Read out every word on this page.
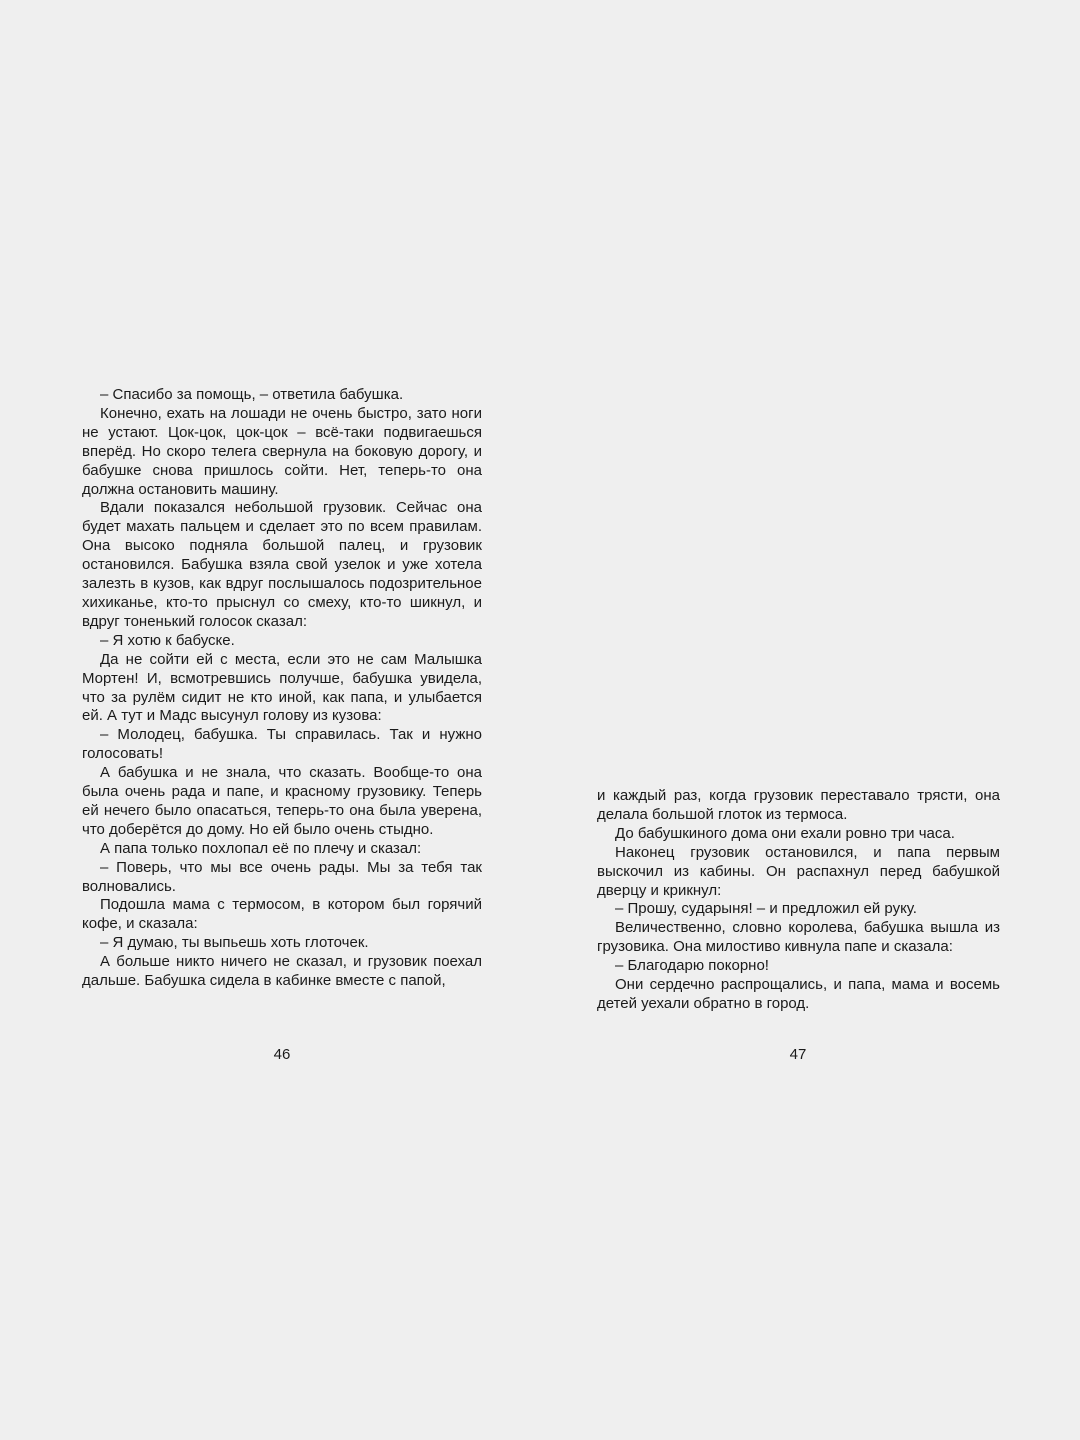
– Спасибо за помощь, – ответила бабушка.

Конечно, ехать на лошади не очень быстро, зато ноги не устают. Цок-цок, цок-цок – всё-таки подвигаешься вперёд. Но скоро телега свернула на боковую дорогу, и бабушке снова пришлось сойти. Нет, теперь-то она должна остановить машину.

Вдали показался небольшой грузовик. Сейчас она будет махать пальцем и сделает это по всем правилам. Она высоко подняла большой палец, и грузовик остановился. Бабушка взяла свой узелок и уже хотела залезть в кузов, как вдруг послышалось подозрительное хихиканье, кто-то прыснул со смеху, кто-то шикнул, и вдруг тоненький голосок сказал:

– Я хотю к бабуске.

Да не сойти ей с места, если это не сам Малышка Мортен! И, всмотревшись получше, бабушка увидела, что за рулём сидит не кто иной, как папа, и улыбается ей. А тут и Мадс высунул голову из кузова:

– Молодец, бабушка. Ты справилась. Так и нужно голосовать!

А бабушка и не знала, что сказать. Вообще-то она была очень рада и папе, и красному грузовику. Теперь ей нечего было опасаться, теперь-то она была уверена, что доберётся до дому. Но ей было очень стыдно.

А папа только похлопал её по плечу и сказал:

– Поверь, что мы все очень рады. Мы за тебя так волновались.

Подошла мама с термосом, в котором был горячий кофе, и сказала:

– Я думаю, ты выпьешь хоть глоточек.

А больше никто ничего не сказал, и грузовик поехал дальше. Бабушка сидела в кабинке вместе с папой,

46

и каждый раз, когда грузовик переставало трясти, она делала большой глоток из термоса.

До бабушкиного дома они ехали ровно три часа.

Наконец грузовик остановился, и папа первым выскочил из кабины. Он распахнул перед бабушкой дверцу и крикнул:

– Прошу, сударыня! – и предложил ей руку.

Величественно, словно королева, бабушка вышла из грузовика. Она милостиво кивнула папе и сказала:

– Благодарю покорно!

Они сердечно распрощались, и папа, мама и восемь детей уехали обратно в город.

47
